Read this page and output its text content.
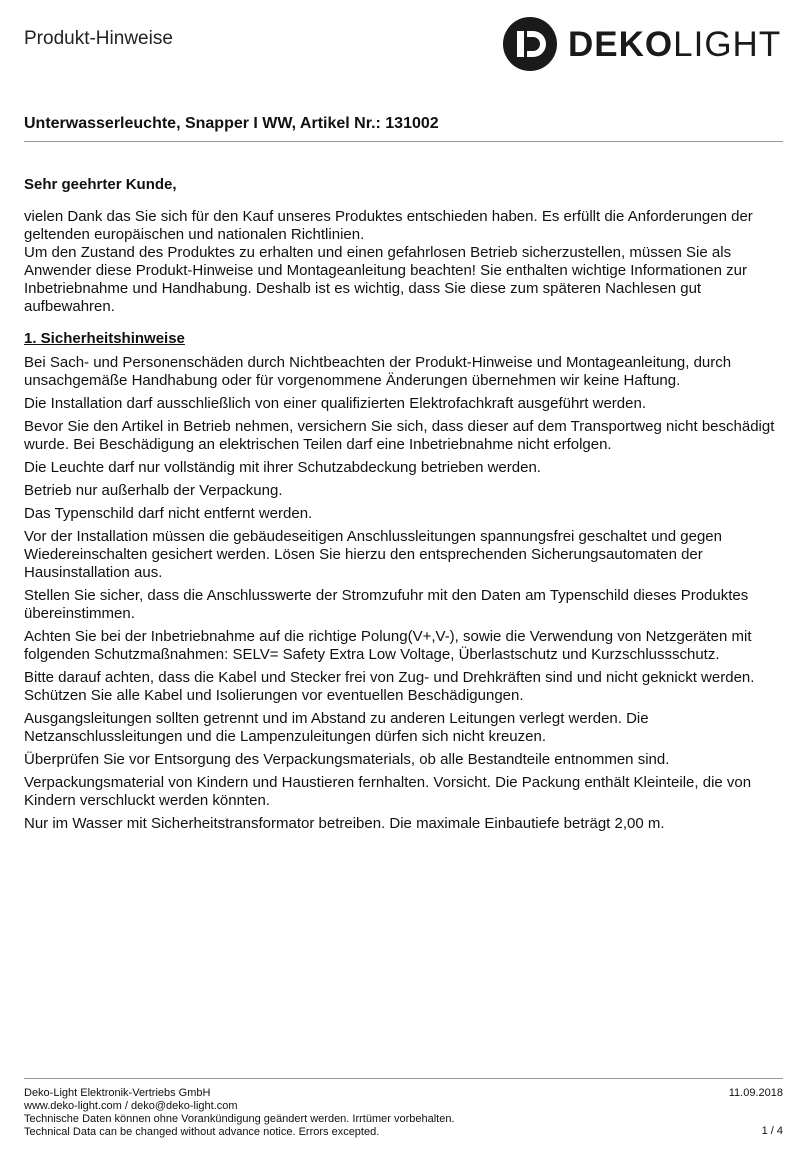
Produkt-Hinweise	DEKOLIGHT
Unterwasserleuchte, Snapper I WW, Artikel Nr.: 131002
Sehr geehrter Kunde,

vielen Dank das Sie sich für den Kauf unseres Produktes entschieden haben. Es erfüllt die Anforderungen der geltenden europäischen und nationalen Richtlinien.

Um den Zustand des Produktes zu erhalten und einen gefahrlosen Betrieb sicherzustellen, müssen Sie als Anwender diese Produkt-Hinweise und Montageanleitung beachten! Sie enthalten wichtige Informationen zur Inbetriebnahme und Handhabung. Deshalb ist es wichtig, dass Sie diese zum späteren Nachlesen gut aufbewahren.

1. Sicherheitshinweise

Bei Sach- und Personenschäden durch Nichtbeachten der Produkt-Hinweise und Montageanleitung, durch unsachgemäße Handhabung oder für vorgenommene Änderungen übernehmen wir keine Haftung.

Die Installation darf ausschließlich von einer qualifizierten Elektrofachkraft ausgeführt werden.

Bevor Sie den Artikel in Betrieb nehmen, versichern Sie sich, dass dieser auf dem Transportweg nicht beschädigt wurde. Bei Beschädigung an elektrischen Teilen darf eine Inbetriebnahme nicht erfolgen.

Die Leuchte darf nur vollständig mit ihrer Schutzabdeckung betrieben werden.

Betrieb nur außerhalb der Verpackung.

Das Typenschild darf nicht entfernt werden.

Vor der Installation müssen die gebäudeseitigen Anschlussleitungen spannungsfrei geschaltet und gegen Wiedereinschalten gesichert werden. Lösen Sie hierzu den entsprechenden Sicherungsautomaten der Hausinstallation aus.

Stellen Sie sicher, dass die Anschlusswerte der Stromzufuhr mit den Daten am Typenschild dieses Produktes übereinstimmen.

Achten Sie bei der Inbetriebnahme auf die richtige Polung(V+,V-), sowie die Verwendung von Netzgeräten mit folgenden Schutzmaßnahmen: SELV= Safety Extra Low Voltage, Überlastschutz und Kurzschlussschutz.

Bitte darauf achten, dass die Kabel und Stecker frei von Zug- und Drehkräften sind und nicht geknickt werden. Schützen Sie alle Kabel und Isolierungen vor eventuellen Beschädigungen.

Ausgangsleitungen sollten getrennt und im Abstand zu anderen Leitungen verlegt werden. Die Netzanschlussleitungen und die Lampenzuleitungen dürfen sich nicht kreuzen.

Überprüfen Sie vor Entsorgung des Verpackungsmaterials, ob alle Bestandteile entnommen sind.

Verpackungsmaterial von Kindern und Haustieren fernhalten. Vorsicht. Die Packung enthält Kleinteile, die von Kindern verschluckt werden könnten.

Nur im Wasser mit Sicherheitstransformator betreiben. Die maximale Einbautiefe beträgt 2,00 m.

Deko-Light Elektronik-Vertriebs GmbH
www.deko-light.com / deko@deko-light.com
Technische Daten können ohne Vorankündigung geändert werden. Irrtümer vorbehalten.
Technical Data can be changed without advance notice. Errors excepted.
11.09.2018
1 / 4
